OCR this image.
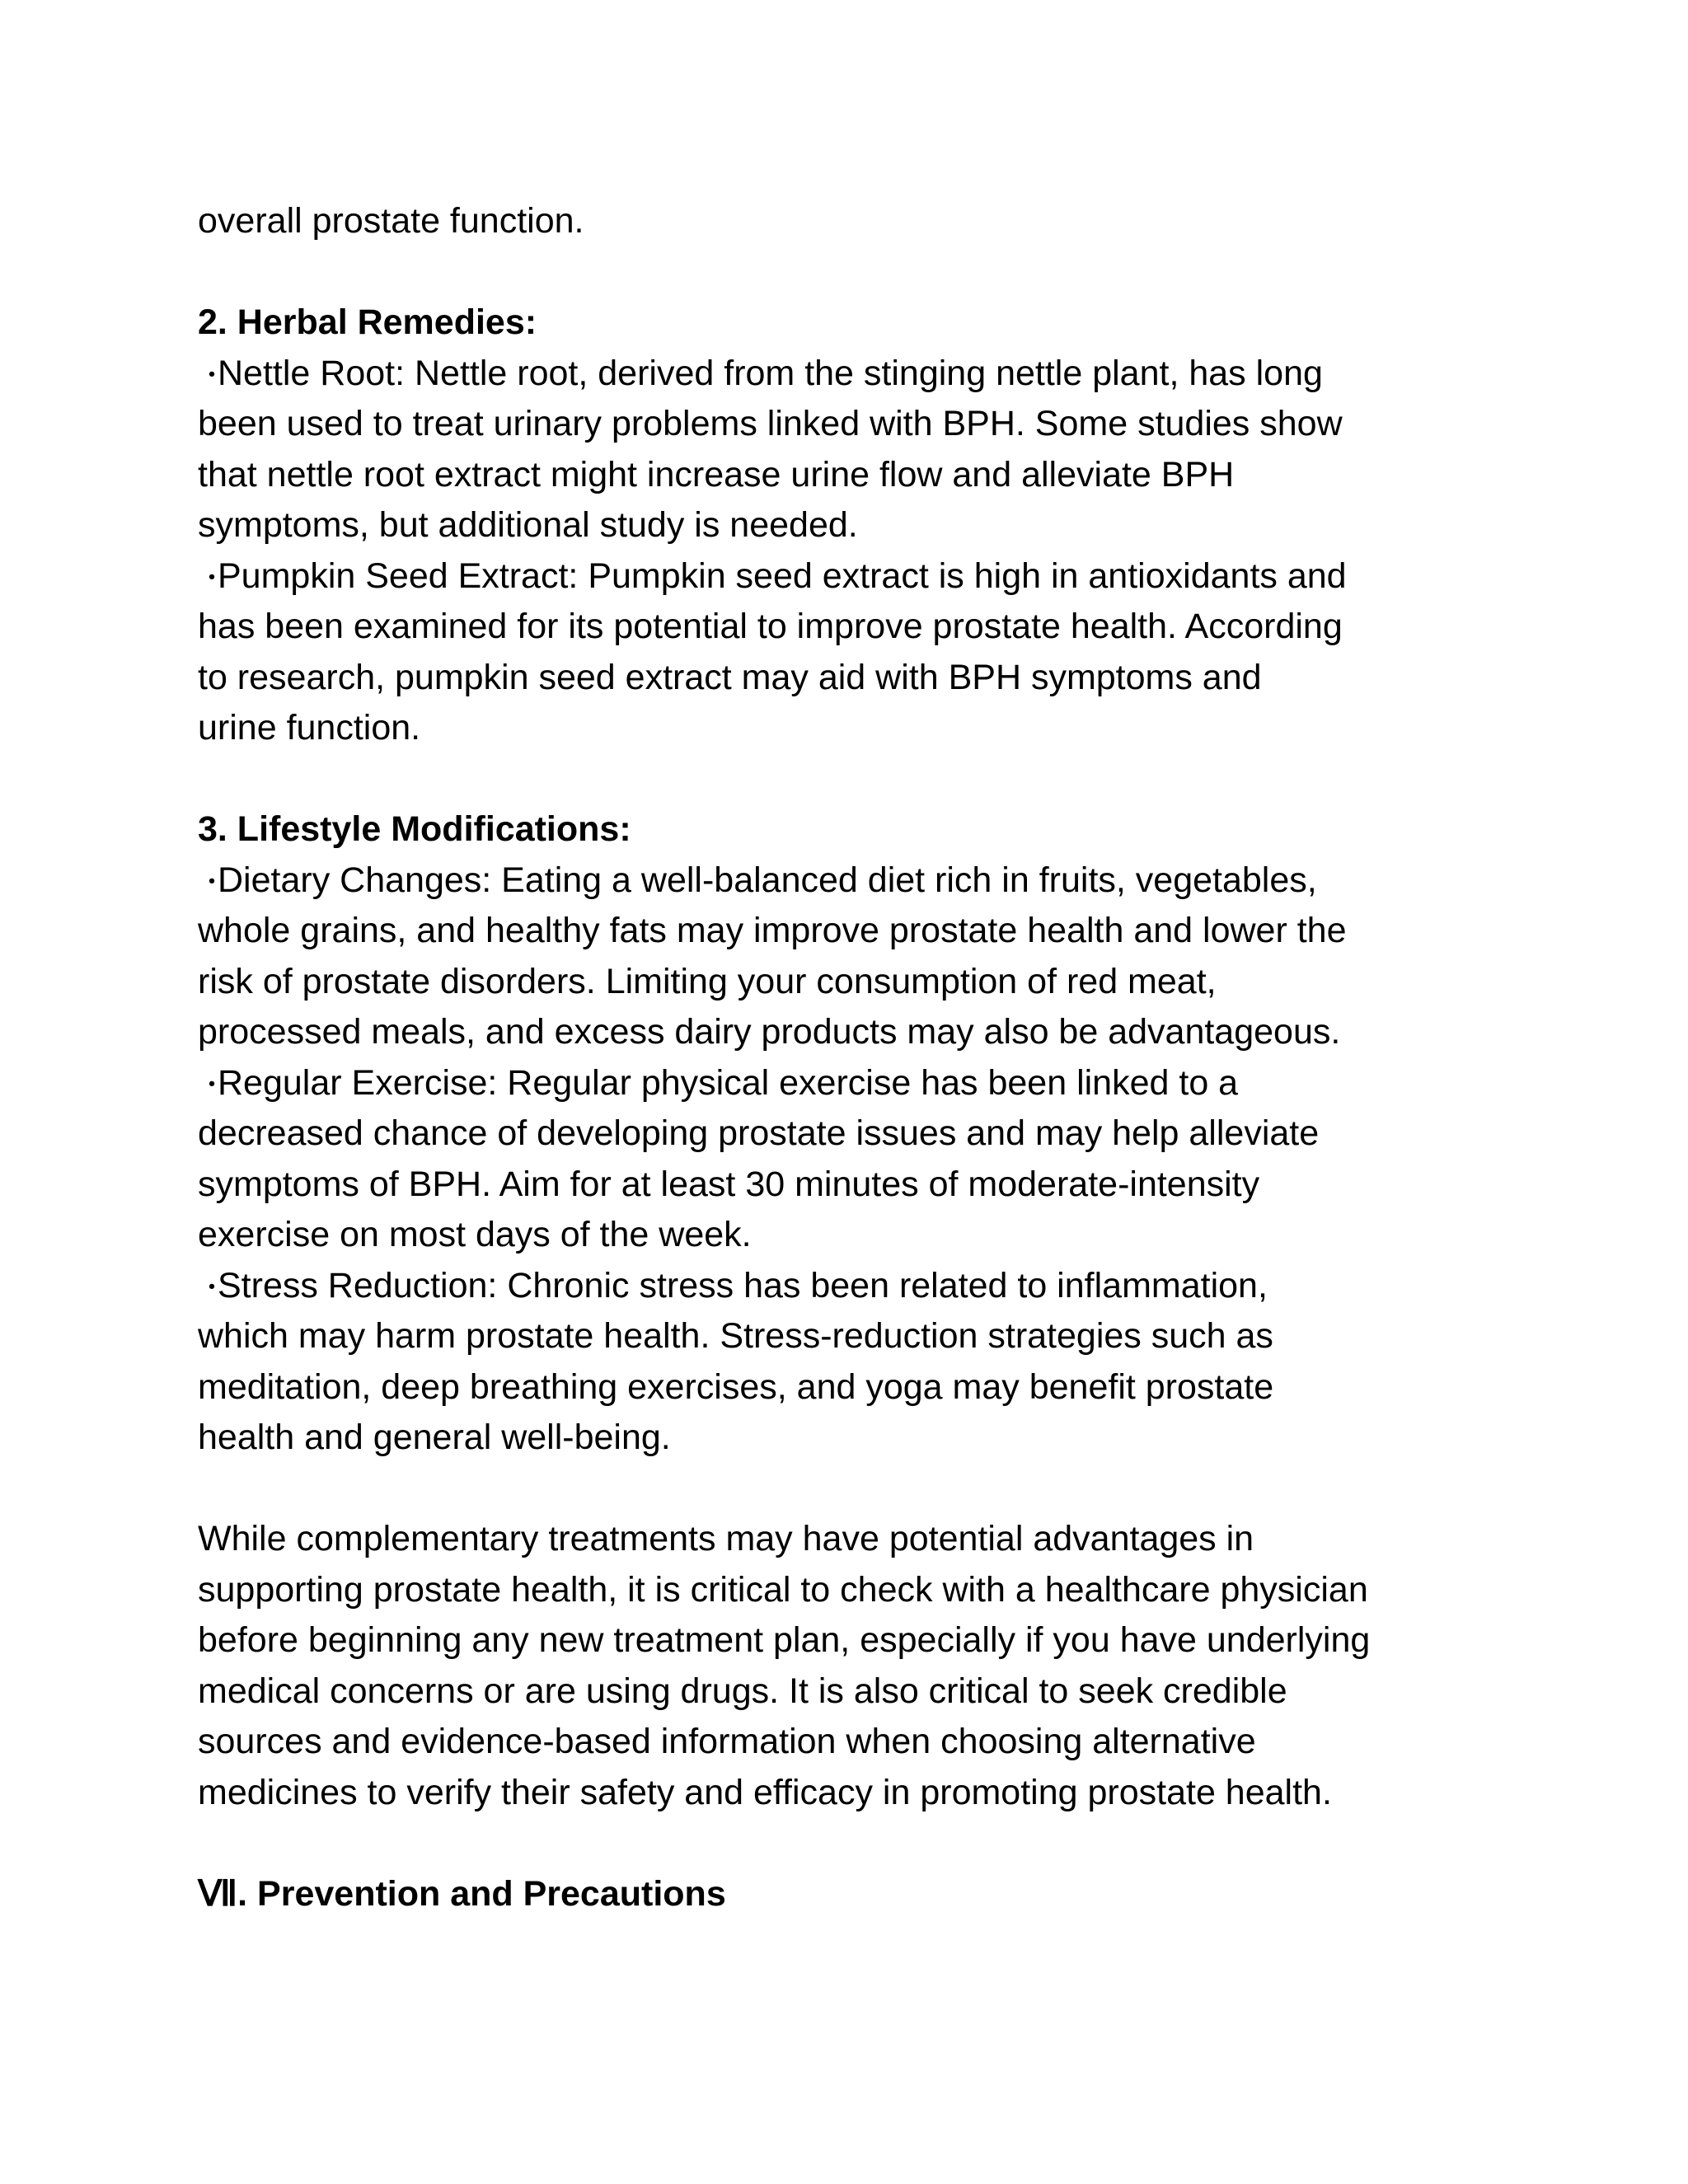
overall prostate function.
2. Herbal Remedies:
・Nettle Root: Nettle root, derived from the stinging nettle plant, has long
been used to treat urinary problems linked with BPH. Some studies show
that nettle root extract might increase urine flow and alleviate BPH
symptoms, but additional study is needed.
・Pumpkin Seed Extract: Pumpkin seed extract is high in antioxidants and
has been examined for its potential to improve prostate health. According
to research, pumpkin seed extract may aid with BPH symptoms and
urine function.
3. Lifestyle Modifications:
・Dietary Changes: Eating a well-balanced diet rich in fruits, vegetables,
whole grains, and healthy fats may improve prostate health and lower the
risk of prostate disorders. Limiting your consumption of red meat,
processed meals, and excess dairy products may also be advantageous.
・Regular Exercise: Regular physical exercise has been linked to a
decreased chance of developing prostate issues and may help alleviate
symptoms of BPH. Aim for at least 30 minutes of moderate-intensity
exercise on most days of the week.
・Stress Reduction: Chronic stress has been related to inflammation,
which may harm prostate health. Stress-reduction strategies such as
meditation, deep breathing exercises, and yoga may benefit prostate
health and general well-being.
While complementary treatments may have potential advantages in
supporting prostate health, it is critical to check with a healthcare physician
before beginning any new treatment plan, especially if you have underlying
medical concerns or are using drugs. It is also critical to seek credible
sources and evidence-based information when choosing alternative
medicines to verify their safety and efficacy in promoting prostate health.
Ⅶ. Prevention and Precautions
